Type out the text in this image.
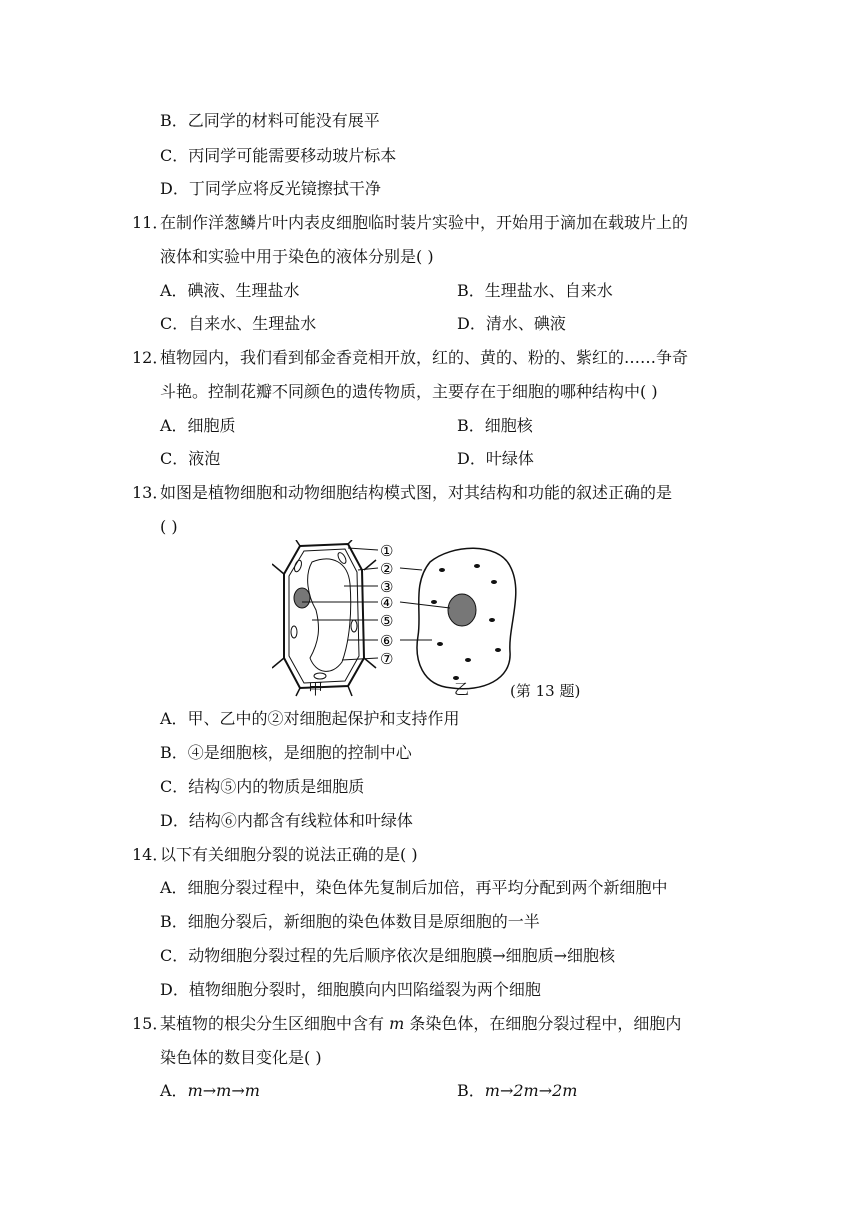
B．乙同学的材料可能没有展平
C．丙同学可能需要移动玻片标本
D．丁同学应将反光镜擦拭干净
11．
在制作洋葱鳞片叶内表皮细胞临时装片实验中，开始用于滴加在载玻片上的
液体和实验中用于染色的液体分别是( )
A．碘液、生理盐水	B．生理盐水、自来水
C．自来水、生理盐水	D．清水、碘液
12．
植物园内，我们看到郁金香竞相开放，红的、黄的、粉的、紫红的……争奇
斗艳。控制花瓣不同颜色的遗传物质，主要存在于细胞的哪种结构中( )
A．细胞质	B．细胞核
C．液泡	D．叶绿体
13．
如图是植物细胞和动物细胞结构模式图，对其结构和功能的叙述正确的是
( )
①
②
③
④
⑤
⑥
⑦
甲	乙	(第 13 题)
A．甲、乙中的②对细胞起保护和支持作用
B．④是细胞核，是细胞的控制中心
C．结构⑤内的物质是细胞质
D．结构⑥内都含有线粒体和叶绿体
14．
以下有关细胞分裂的说法正确的是( )
A．细胞分裂过程中，染色体先复制后加倍，再平均分配到两个新细胞中
B．细胞分裂后，新细胞的染色体数目是原细胞的一半
C．动物细胞分裂过程的先后顺序依次是细胞膜→细胞质→细胞核
D．植物细胞分裂时，细胞膜向内凹陷缢裂为两个细胞
15．
某植物的根尖分生区细胞中含有 m 条染色体，在细胞分裂过程中，细胞内
染色体的数目变化是( )
A．m→m→m	B．m→2m→2m
